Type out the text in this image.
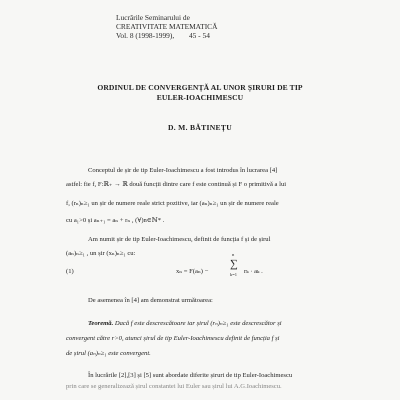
Lucrările Seminarului de
CREATIVITATE MATEMATICĂ
Vol. 8 (1998-1999),        45 - 54
ORDINUL DE CONVERGENȚĂ AL UNOR ȘIRURI DE TIP
EULER-IOACHIMESCU
D. M. BĂTINEȚU
Conceptul de șir de tip Euler-Ioachimescu a fost introdus în lucrarea [4]
astfel: fie f, F:ℝ₊ → ℝ două funcții dintre care f este continuă și F o primitivă a lui
f, (rₙ)ₙ≥₁ un șir de numere reale strict pozitive, iar (aₙ)ₙ≥₁ un șir de numere reale
cu a₁>0 și aₙ₊₁ = aₙ + rₙ , (∀)n∈ℕ* .
Am numit șir de tip Euler-Ioachimescu, definit de funcția f și de șirul
(aₙ)ₙ≥₁ , un șir (xₙ)ₙ≥₁ cu:
(1)	xₙ = F(aₙ) −
n
∑
k=1 rₖ · aₖ .
De asemenea în [4] am demonstrat următoarea:
Teoremă. Dacă f este descrescătoare iar șirul (rₙ)ₙ≥₁ este descrescător și
convergent către r>0, atunci șirul de tip Euler-Ioachimescu definit de funcția f și
de șirul (aₙ)ₙ≥₁ este convergent.
În lucrările [2],[3] și [5] sunt abordate diferite șiruri de tip Euler-Ioachimescu
prin care se generalizează șirul constantei lui Euler sau șirul lui A.G.Ioachimescu.
